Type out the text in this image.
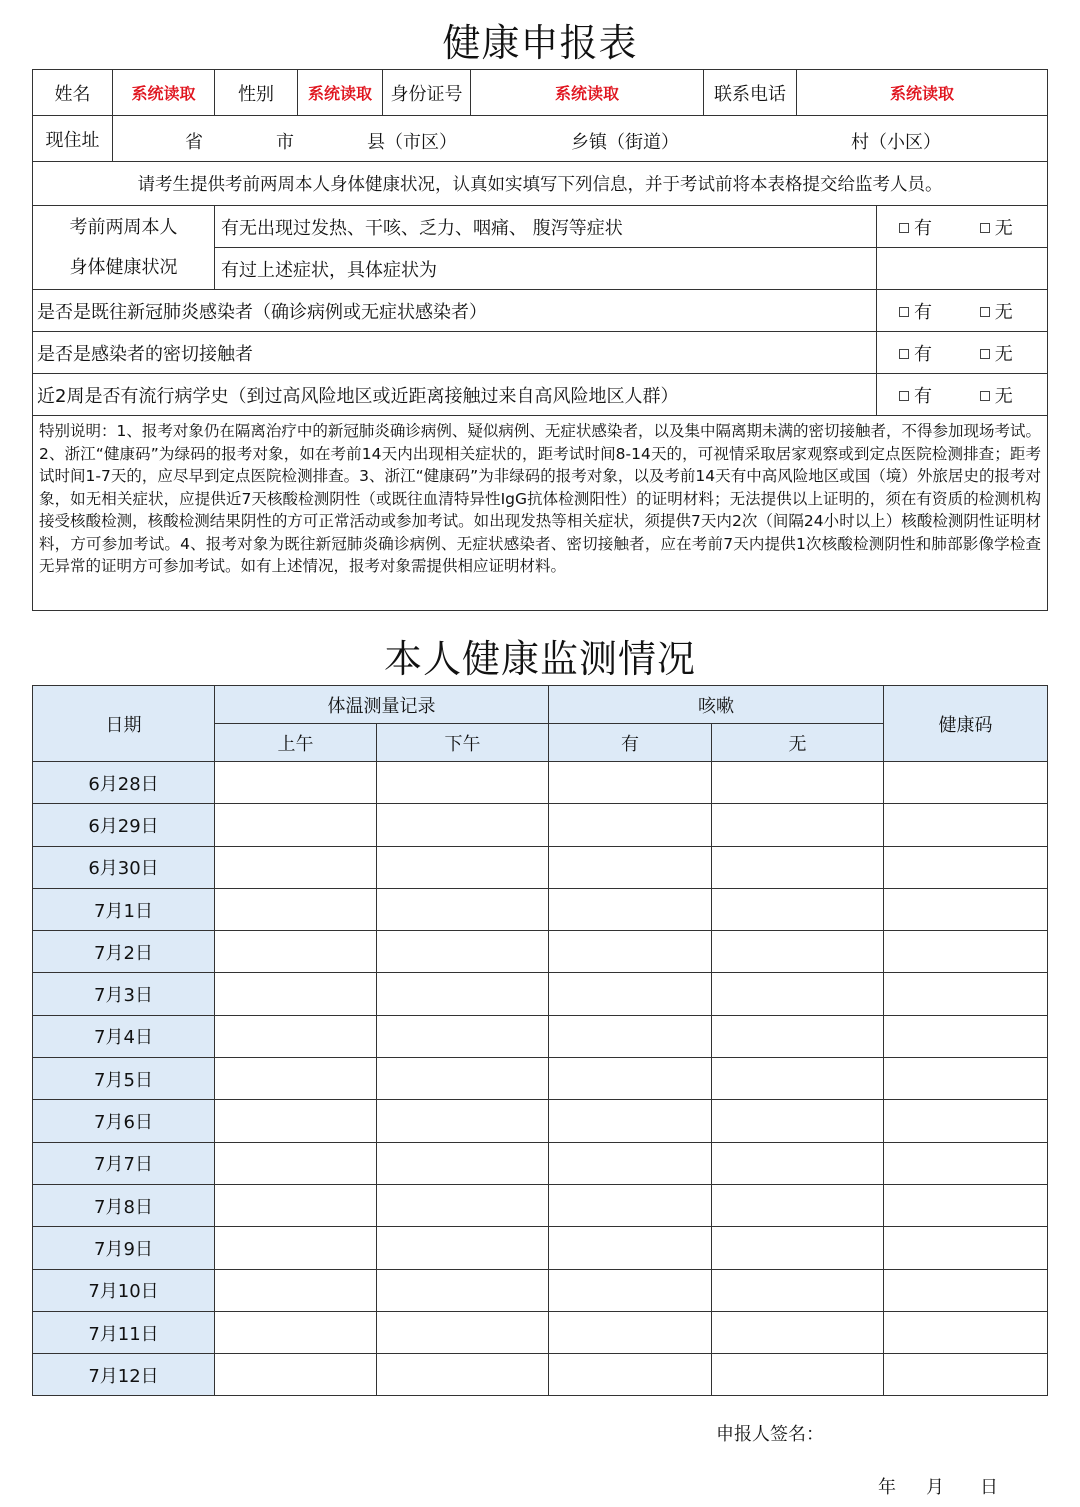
健康申报表
姓名	系统读取	性别	系统读取	身份证号	系统读取	联系电话	系统读取	
现住址	省 市 县（市区） 乡镇（街道） 村（小区）							

请考生提供考前两周本人身体健康状况，认真如实填写下列信息，并于考试前将本表格提交给监考人员。								

考前两周本人
身体健康状况		有无出现过发热、干咳、乏力、咽痛、 腹泻等症状						有 无
		有过上述症状，具体症状为						
是否是既往新冠肺炎感染者（确诊病例或无症状感染者）								有 无
是否是感染者的密切接触者								有 无
近2周是否有流行病学史（到过高风险地区或近距离接触过来自高风险地区人群）								有 无
特别说明：1、报考对象仍在隔离治疗中的新冠肺炎确诊病例、疑似病例、无症状感染者，以及集中隔离期未满的密切接触者，不得参加现场考试。2、浙江“健康码”为绿码的报考对象，如在考前14天内出现相关症状的，距考试时间8-14天的，可视情采取居家观察或到定点医院检测排查；距考试时间1-7天的，应尽早到定点医院检测排查。3、浙江“健康码”为非绿码的报考对象，以及考前14天有中高风险地区或国（境）外旅居史的报考对象，如无相关症状，应提供近7天核酸检测阴性（或既往血清特异性IgG抗体检测阳性）的证明材料；无法提供以上证明的，须在有资质的检测机构接受核酸检测，核酸检测结果阴性的方可正常活动或参加考试。如出现发热等相关症状，须提供7天内2次（间隔24小时以上）核酸检测阴性证明材料，方可参加考试。4、报考对象为既往新冠肺炎确诊病例、无症状感染者、密切接触者，应在考前7天内提供1次核酸检测阴性和肺部影像学检查无异常的证明方可参加考试。如有上述情况，报考对象需提供相应证明材料。								
本人健康监测情况
日期	体温测量记录		咳嗽		健康码
	上午	下午	有	无	
6月28日					
6月29日					
6月30日					
7月1日					
7月2日					
7月3日					
7月4日					
7月5日					
7月6日					
7月7日					
7月8日					
7月9日					
7月10日					
7月11日					
7月12日					
申报人签名：
年 月 日
